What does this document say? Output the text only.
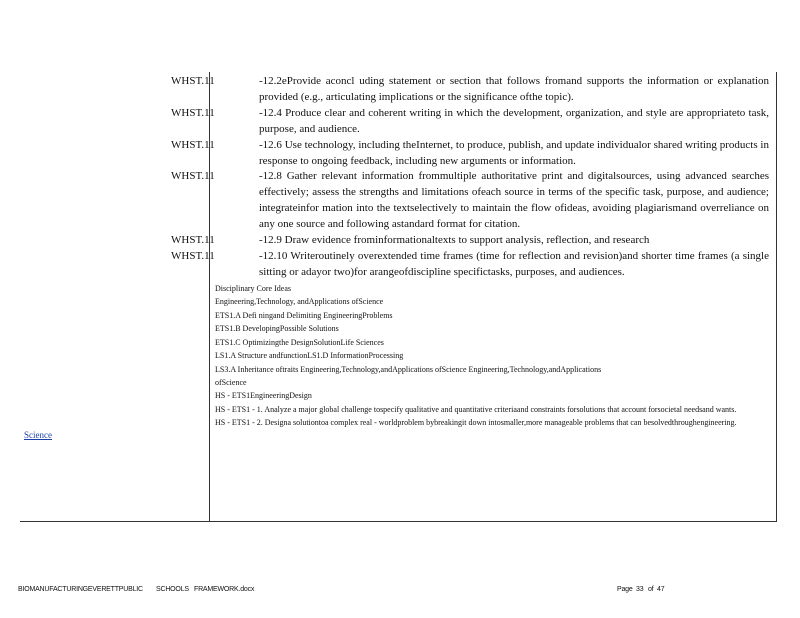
Science

WHST.11	-12.2eProvide aconcl uding statement or section that follows fromand supports the information or explanation provided (e.g., articulating implications or the significance ofthe topic).

WHST.11	-12.4 Produce clear and coherent writing in which the development, organization, and style are appropriateto task, purpose, and audience.

WHST.11	-12.6 Use technology, including theInternet, to produce, publish, and update individualor shared writing products in response to ongoing feedback, including new arguments or information.

WHST.11	-12.8 Gather relevant information frommultiple authoritative print and digitalsources, using advanced searches effectively; assess the strengths and limitations ofeach source in terms of the specific task, purpose, and audience; integrateinfor mation into the textselectively to maintain the flow ofideas, avoiding plagiarismand overreliance on any one source and following astandard format for citation.

WHST.11	-12.9 Draw evidence frominformationaltexts to support analysis, reflection, and research

WHST.11	-12.10 Writeroutinely overextended time frames (time for reflection and revision)and shorter time frames (a single sitting or adayor two)for arangeofdiscipline specifictasks, purposes, and audiences.

Disciplinary Core Ideas

Engineering,Technology, andApplications ofScience

ETS1.A Defi ningand Delimiting EngineeringProblems

ETS1.B DevelopingPossible Solutions

ETS1.C Optimizingthe DesignSolutionLife Sciences

LS1.A Structure andfunctionLS1.D InformationProcessing

LS3.A Inheritance oftraits Engineering,Technology,andApplications ofScience Engineering,Technology,andApplications

ofScience

HS - ETS1EngineeringDesign

HS - ETS1 - 1. Analyze a major global challenge tospecify qualitative and quantitative criteriaand constraints forsolutions that account forsocietal needsand wants.

HS - ETS1 - 2. Designa solutiontoa complex real - worldproblem bybreakingit down intosmaller,more manageable problems that can besolvedthroughengineering.

BIOMANUFACTURINGEVERETTPUBLIC SCHOOLS FRAMEWORK.docx	Page 33 of 47
